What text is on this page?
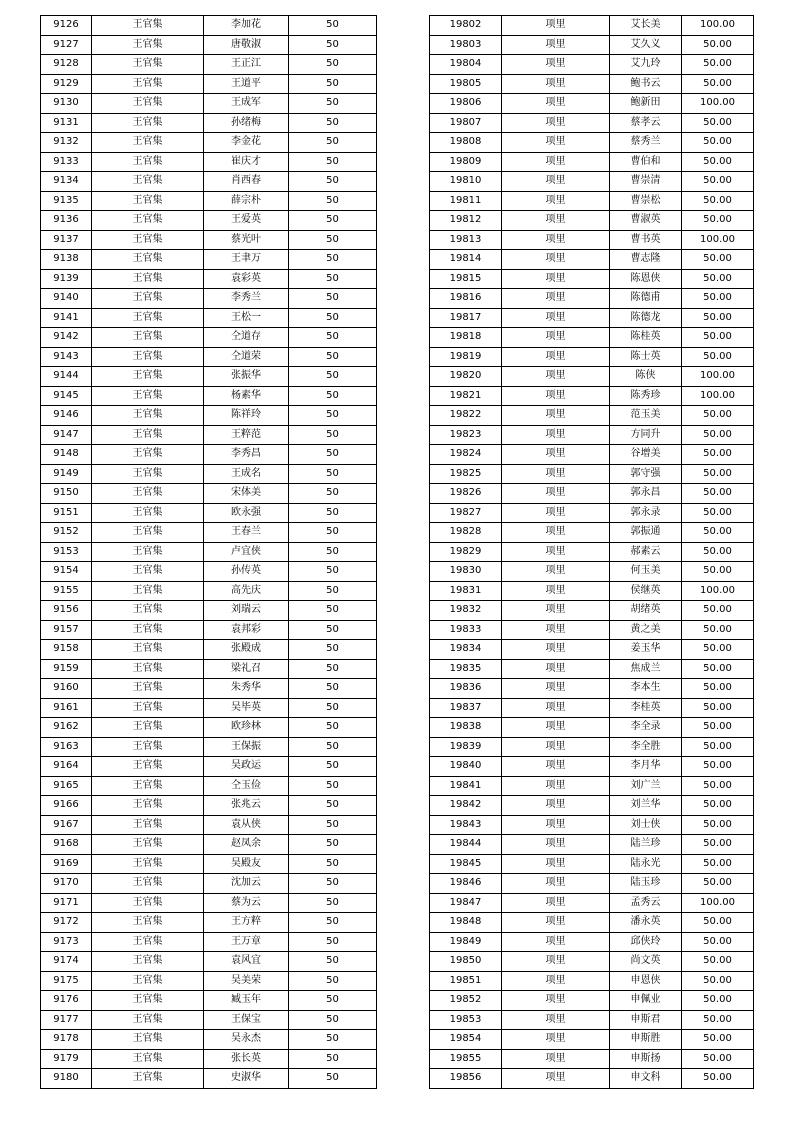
9126	王官集	李加花	50
9127	王官集	唐敬淑	50
9128	王官集	王正江	50
9129	王官集	王道平	50
9130	王官集	王成军	50
9131	王官集	孙绪梅	50
9132	王官集	李金花	50
9133	王官集	崔庆才	50
9134	王官集	肖西春	50
9135	王官集	薛宗朴	50
9136	王官集	王爱英	50
9137	王官集	蔡光叶	50
9138	王官集	王聿万	50
9139	王官集	袁彩英	50
9140	王官集	李秀兰	50
9141	王官集	王松一	50
9142	王官集	仝道存	50
9143	王官集	仝道荣	50
9144	王官集	张振华	50
9145	王官集	杨素华	50
9146	王官集	陈祥玲	50
9147	王官集	王粹范	50
9148	王官集	李秀昌	50
9149	王官集	王成名	50
9150	王官集	宋体美	50
9151	王官集	欧永强	50
9152	王官集	王春兰	50
9153	王官集	卢宜侠	50
9154	王官集	孙传英	50
9155	王官集	高先庆	50
9156	王官集	刘瑞云	50
9157	王官集	袁邦彩	50
9158	王官集	张殿成	50
9159	王官集	梁礼召	50
9160	王官集	朱秀华	50
9161	王官集	吴毕英	50
9162	王官集	欧珍林	50
9163	王官集	王保振	50
9164	王官集	吴政运	50
9165	王官集	仝玉俭	50
9166	王官集	张兆云	50
9167	王官集	袁从侠	50
9168	王官集	赵凤余	50
9169	王官集	吴殿友	50
9170	王官集	沈加云	50
9171	王官集	蔡为云	50
9172	王官集	王方粹	50
9173	王官集	王万章	50
9174	王官集	袁风宜	50
9175	王官集	吴美荣	50
9176	王官集	臧玉年	50
9177	王官集	王保宝	50
9178	王官集	吴永杰	50
9179	王官集	张长英	50
9180	王官集	史淑华	50
19802	项里	艾长美	100.00
19803	项里	艾久义	50.00
19804	项里	艾九玲	50.00
19805	项里	鲍书云	50.00
19806	项里	鲍新田	100.00
19807	项里	蔡孝云	50.00
19808	项里	蔡秀兰	50.00
19809	项里	曹伯和	50.00
19810	项里	曹崇清	50.00
19811	项里	曹崇松	50.00
19812	项里	曹淑英	50.00
19813	项里	曹书英	100.00
19814	项里	曹志隆	50.00
19815	项里	陈恩侠	50.00
19816	项里	陈德甫	50.00
19817	项里	陈德龙	50.00
19818	项里	陈桂英	50.00
19819	项里	陈士英	50.00
19820	项里	陈侠	100.00
19821	项里	陈秀珍	100.00
19822	项里	范玉美	50.00
19823	项里	方同升	50.00
19824	项里	谷增美	50.00
19825	项里	郭守强	50.00
19826	项里	郭永昌	50.00
19827	项里	郭永录	50.00
19828	项里	郭振通	50.00
19829	项里	郝素云	50.00
19830	项里	何玉美	50.00
19831	项里	侯继英	100.00
19832	项里	胡绪英	50.00
19833	项里	黄之美	50.00
19834	项里	姜玉华	50.00
19835	项里	焦成兰	50.00
19836	项里	李本生	50.00
19837	项里	李桂英	50.00
19838	项里	李全录	50.00
19839	项里	李全胜	50.00
19840	项里	李月华	50.00
19841	项里	刘广兰	50.00
19842	项里	刘兰华	50.00
19843	项里	刘士侠	50.00
19844	项里	陆兰珍	50.00
19845	项里	陆永光	50.00
19846	项里	陆玉珍	50.00
19847	项里	孟秀云	100.00
19848	项里	潘永英	50.00
19849	项里	邱侠玲	50.00
19850	项里	尚文英	50.00
19851	项里	申恩侠	50.00
19852	项里	申佩业	50.00
19853	项里	申斯君	50.00
19854	项里	申斯胜	50.00
19855	项里	申斯扬	50.00
19856	项里	申文科	50.00
